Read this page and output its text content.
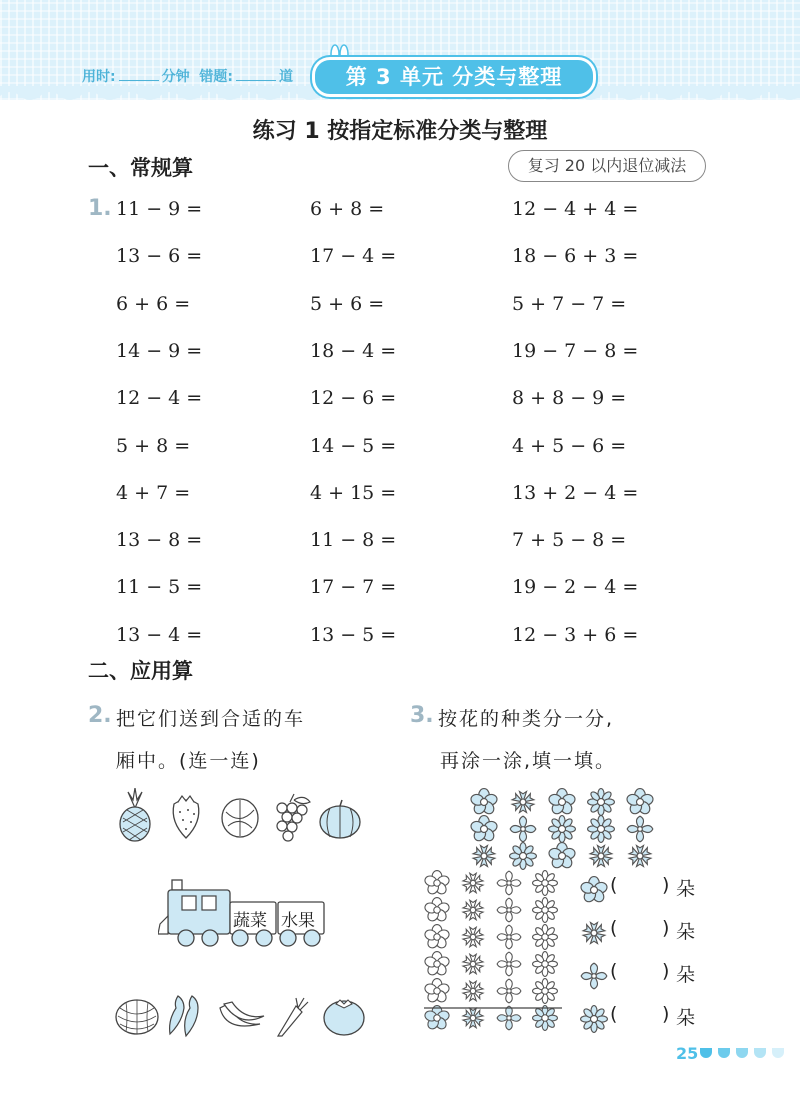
用时:	分钟 错题:	道	第 3 单元 分类与整理
练习 1 按指定标准分类与整理
一、常规算	复习 20 以内退位减法
1. 11 − 9 =	6 + 8 =	12 − 4 + 4 =
13 − 6 =	17 − 4 =	18 − 6 + 3 =
6 + 6 =	5 + 6 =	5 + 7 − 7 =
14 − 9 =	18 − 4 =	19 − 7 − 8 =
12 − 4 =	12 − 6 =	8 + 8 − 9 =
5 + 8 =	14 − 5 =	4 + 5 − 6 =
4 + 7 =	4 + 15 =	13 + 2 − 4 =
13 − 8 =	11 − 8 =	7 + 5 − 8 =
11 − 5 =	17 − 7 =	19 − 2 − 4 =
13 − 4 =	13 − 5 =	12 − 3 + 6 =
二、应用算
2. 把它们送到合适的车
厢中。(连一连)
蔬菜 水果
3. 按花的种类分一分,
再涂一涂,填一填。
( ) 朵
( ) 朵
( ) 朵
( ) 朵
25
